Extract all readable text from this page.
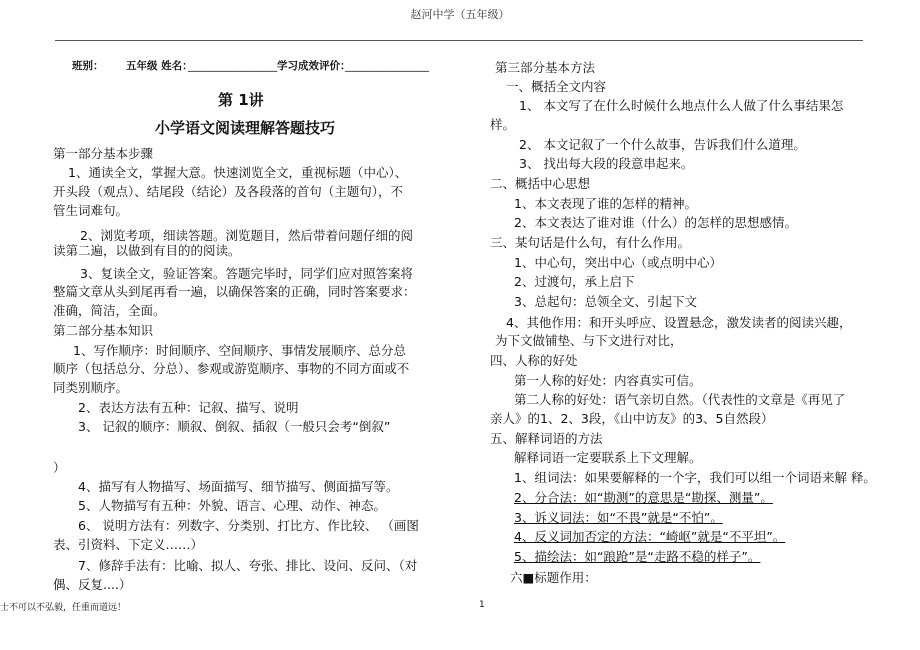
赵河中学（五年级）
班别： 五年级 姓名：
_________________ 学习成效评价：
________________
第 1讲
小学语文阅读理解答题技巧
第一部分基本步骤
1、通读全文，掌握大意。快速浏览全文，重视标题（中心）、
开头段（观点）、结尾段（结论）及各段落的首句（主题句），不
管生词难句。
2、浏览考项，细读答题。浏览题目，然后带着问题仔细的阅
读第二遍，以做到有目的的阅读。
3、复读全文，验证答案。答题完毕时，同学们应对照答案将
整篇文章从头到尾再看一遍，以确保答案的正确，同时答案要求：
准确，简洁，全面。
第二部分基本知识
1、写作顺序：时间顺序、空间顺序、事情发展顺序、总分总
顺序（包括总分、分总）、参观或游览顺序、事物的不同方面或不
同类别顺序。
2、表达方法有五种：记叙、描写、说明
3、 记叙的顺序：顺叙、倒叙、插叙（一般只会考“倒叙”
）
4、描写有人物描写、场面描写、细节描写、侧面描写等。
5、人物描写有五种：外貌、语言、心理、动作、神态。
6、 说明方法有：列数字、分类别、打比方、作比较、 （画图
表、引资料、下定义……）
7、修辞手法有：比喻、拟人、夸张、排比、设问、反问、（对
偶、反复....）
第三部分基本方法
一、概括全文内容
1、 本文写了在什么时候什么地点什么人做了什么事结果怎
样。
2、 本文记叙了一个什么故事，告诉我们什么道理。
3、 找出每大段的段意串起来。
二、概括中心思想
1、本文表现了谁的怎样的精神。
2、本文表达了谁对谁（什么）的怎样的思想感情。
三、某句话是什么句，有什么作用。
1、中心句，突出中心（或点明中心）
2、过渡句，承上启下
3、总起句：总领全文、引起下文
4、其他作用：和开头呼应、设置悬念，激发读者的阅读兴趣，
为下文做铺垫、与下文进行对比，
四、人称的好处
第一人称的好处：内容真实可信。
第二人称的好处：语气亲切自然。（代表性的文章是《再见了
亲人》的1、2、3段，《山中访友》的3、5自然段）
五、解释词语的方法
解释词语一定要联系上下文理解。
1、组词法：如果要解释的一个字，我们可以组一个词语来解 释。
2、分合法：如“勘测”的意思是“勘探、测量”。
3、诉义词法：如“不畏”就是“不怕”。
4、反义词加否定的方法：“崎岖”就是“不平坦”。
5、描绘法：如“踉跄”是“走路不稳的样子”。
六■标题作用：
士不可以不弘毅，任重而道远！	1
